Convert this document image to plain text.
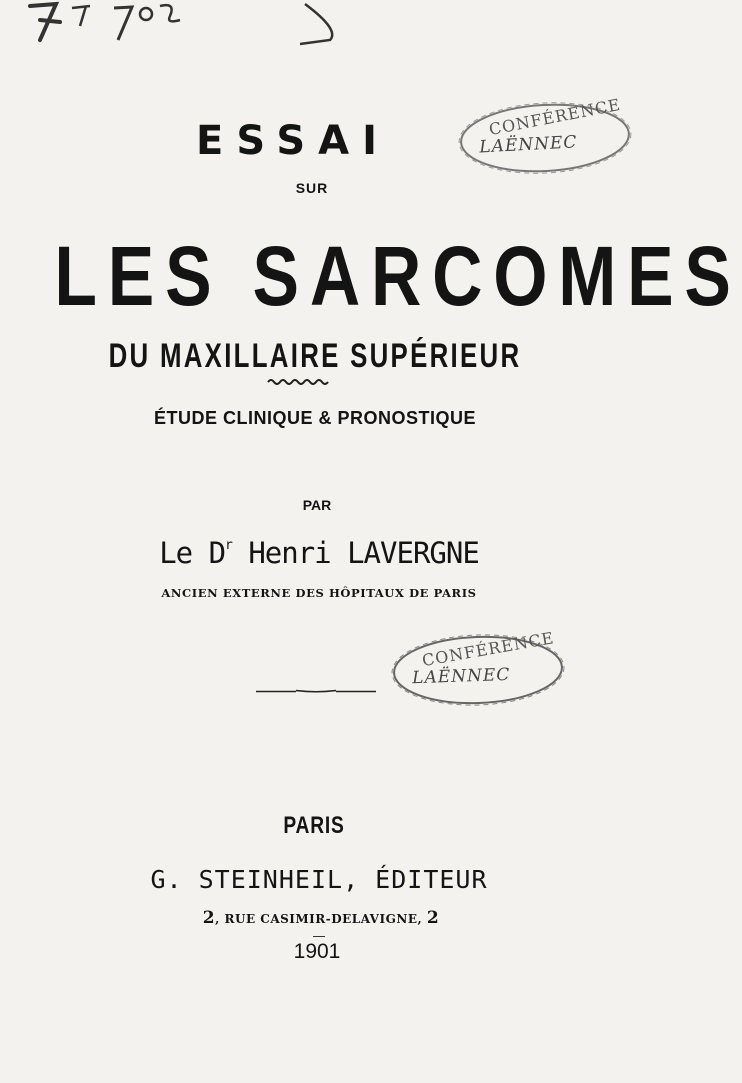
ESSAI
CONFÉRENCE
LAËNNEC
SUR
LES SARCOMES
DU MAXILLAIRE SUPÉRIEUR
ÉTUDE CLINIQUE & PRONOSTIQUE
PAR
Le $D^r$ Henri LAVERGNE
ANCIEN EXTERNE DES HÔPITAUX DE PARIS
CONFÉRENCE
LAËNNEC
PARIS
G. STEINHEIL, ÉDITEUR
2, RUE CASIMIR-DELAVIGNE, 2
1901
